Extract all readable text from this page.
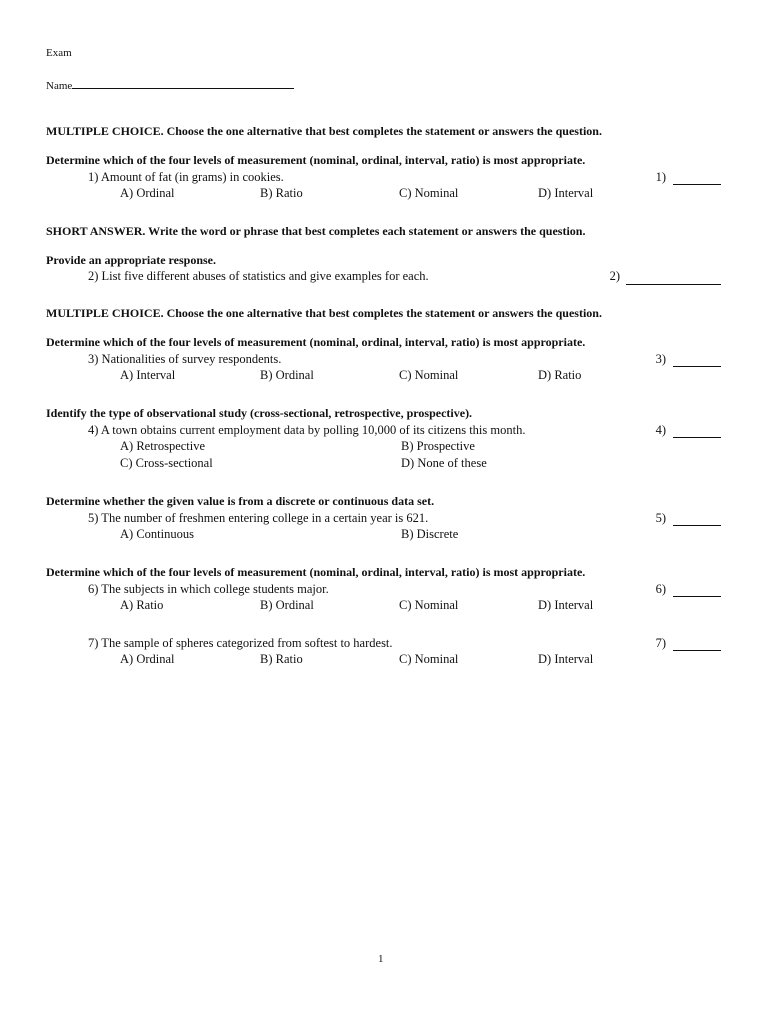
Exam
Name
MULTIPLE CHOICE. Choose the one alternative that best completes the statement or answers the question.
Determine which of the four levels of measurement (nominal, ordinal, interval, ratio) is most appropriate.
1) Amount of fat (in grams) in cookies.	1)
A) Ordinal	B) Ratio	C) Nominal	D) Interval
SHORT ANSWER. Write the word or phrase that best completes each statement or answers the question.
Provide an appropriate response.
2) List five different abuses of statistics and give examples for each.	2)
MULTIPLE CHOICE. Choose the one alternative that best completes the statement or answers the question.
Determine which of the four levels of measurement (nominal, ordinal, interval, ratio) is most appropriate.
3) Nationalities of survey respondents.	3)
A) Interval	B) Ordinal	C) Nominal	D) Ratio
Identify the type of observational study (cross-sectional, retrospective, prospective).
4) A town obtains current employment data by polling 10,000 of its citizens this month.	4)
A) Retrospective	B) Prospective
C) Cross-sectional	D) None of these
Determine whether the given value is from a discrete or continuous data set.
5) The number of freshmen entering college in a certain year is 621.	5)
A) Continuous	B) Discrete
Determine which of the four levels of measurement (nominal, ordinal, interval, ratio) is most appropriate.
6) The subjects in which college students major.	6)
A) Ratio	B) Ordinal	C) Nominal	D) Interval
7) The sample of spheres categorized from softest to hardest.	7)
A) Ordinal	B) Ratio	C) Nominal	D) Interval
1
